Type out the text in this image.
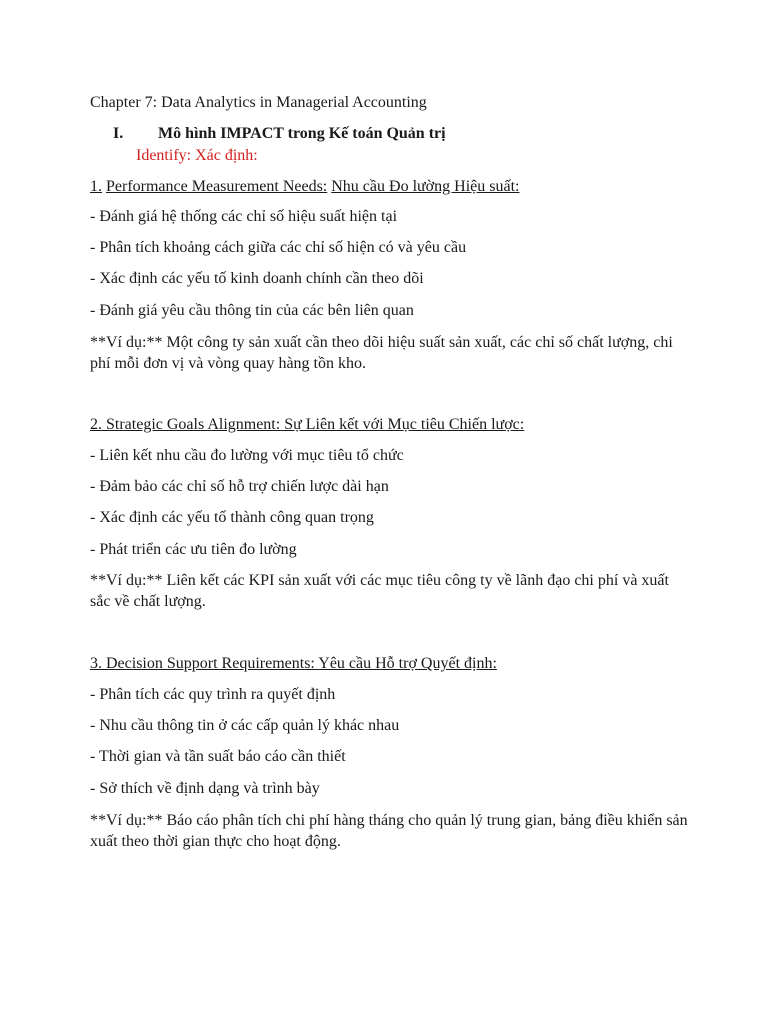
Chapter 7: Data Analytics in Managerial Accounting
I. Mô hình IMPACT trong Kế toán Quản trị
Identify: Xác định:
1. Performance Measurement Needs: Nhu cầu Đo lường Hiệu suất:
- Đánh giá hệ thống các chỉ số hiệu suất hiện tại
- Phân tích khoảng cách giữa các chỉ số hiện có và yêu cầu
- Xác định các yếu tố kinh doanh chính cần theo dõi
- Đánh giá yêu cầu thông tin của các bên liên quan
**Ví dụ:** Một công ty sản xuất cần theo dõi hiệu suất sản xuất, các chỉ số chất lượng, chi phí mỗi đơn vị và vòng quay hàng tồn kho.
2. Strategic Goals Alignment: Sự Liên kết với Mục tiêu Chiến lược:
- Liên kết nhu cầu đo lường với mục tiêu tổ chức
- Đảm bảo các chỉ số hỗ trợ chiến lược dài hạn
- Xác định các yếu tố thành công quan trọng
- Phát triển các ưu tiên đo lường
**Ví dụ:** Liên kết các KPI sản xuất với các mục tiêu công ty về lãnh đạo chi phí và xuất sắc về chất lượng.
3. Decision Support Requirements: Yêu cầu Hỗ trợ Quyết định:
- Phân tích các quy trình ra quyết định
- Nhu cầu thông tin ở các cấp quản lý khác nhau
- Thời gian và tần suất báo cáo cần thiết
- Sở thích về định dạng và trình bày
**Ví dụ:** Báo cáo phân tích chi phí hàng tháng cho quản lý trung gian, bảng điều khiển sản xuất theo thời gian thực cho hoạt động.
